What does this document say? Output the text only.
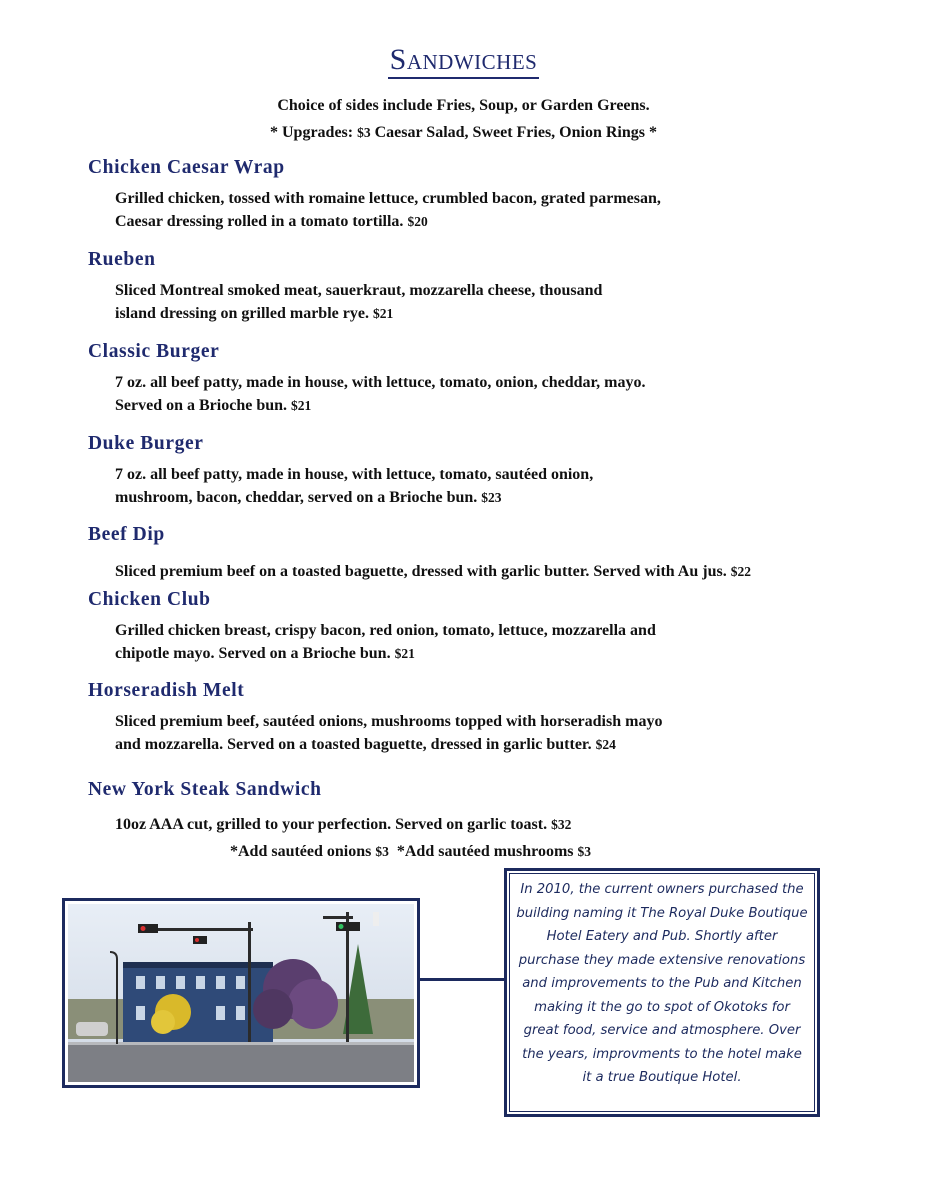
Sandwiches
Choice of sides include Fries, Soup, or Garden Greens.
* Upgrades: $3 Caesar Salad, Sweet Fries, Onion Rings *
Chicken Caesar Wrap
Grilled chicken, tossed with romaine lettuce, crumbled bacon, grated parmesan,
Caesar dressing rolled in a tomato tortilla. $20
Rueben
Sliced Montreal smoked meat, sauerkraut, mozzarella cheese, thousand
island dressing on grilled marble rye. $21
Classic Burger
7 oz. all beef patty, made in house, with lettuce, tomato, onion, cheddar, mayo.
Served on a Brioche bun. $21
Duke Burger
7 oz. all beef patty, made in house, with lettuce, tomato, sautéed onion,
mushroom, bacon, cheddar, served on a Brioche bun. $23
Beef Dip
Sliced premium beef on a toasted baguette, dressed with garlic butter. Served with Au jus. $22
Chicken Club
Grilled chicken breast, crispy bacon, red onion, tomato, lettuce, mozzarella and
chipotle mayo. Served on a Brioche bun. $21
Horseradish Melt
Sliced premium beef, sautéed onions, mushrooms topped with horseradish mayo
and mozzarella. Served on a toasted baguette, dressed in garlic butter. $24
New York Steak Sandwich
10oz AAA cut, grilled to your perfection. Served on garlic toast. $32
*Add sautéed onions $3 *Add sautéed mushrooms $3
In 2010, the current owners purchased the building naming it The Royal Duke Boutique Hotel Eatery and Pub. Shortly after purchase they made extensive renovations and improvements to the Pub and Kitchen making it the go to spot of Okotoks for great food, service and atmosphere. Over the years, improvments to the hotel make it a true Boutique Hotel.
